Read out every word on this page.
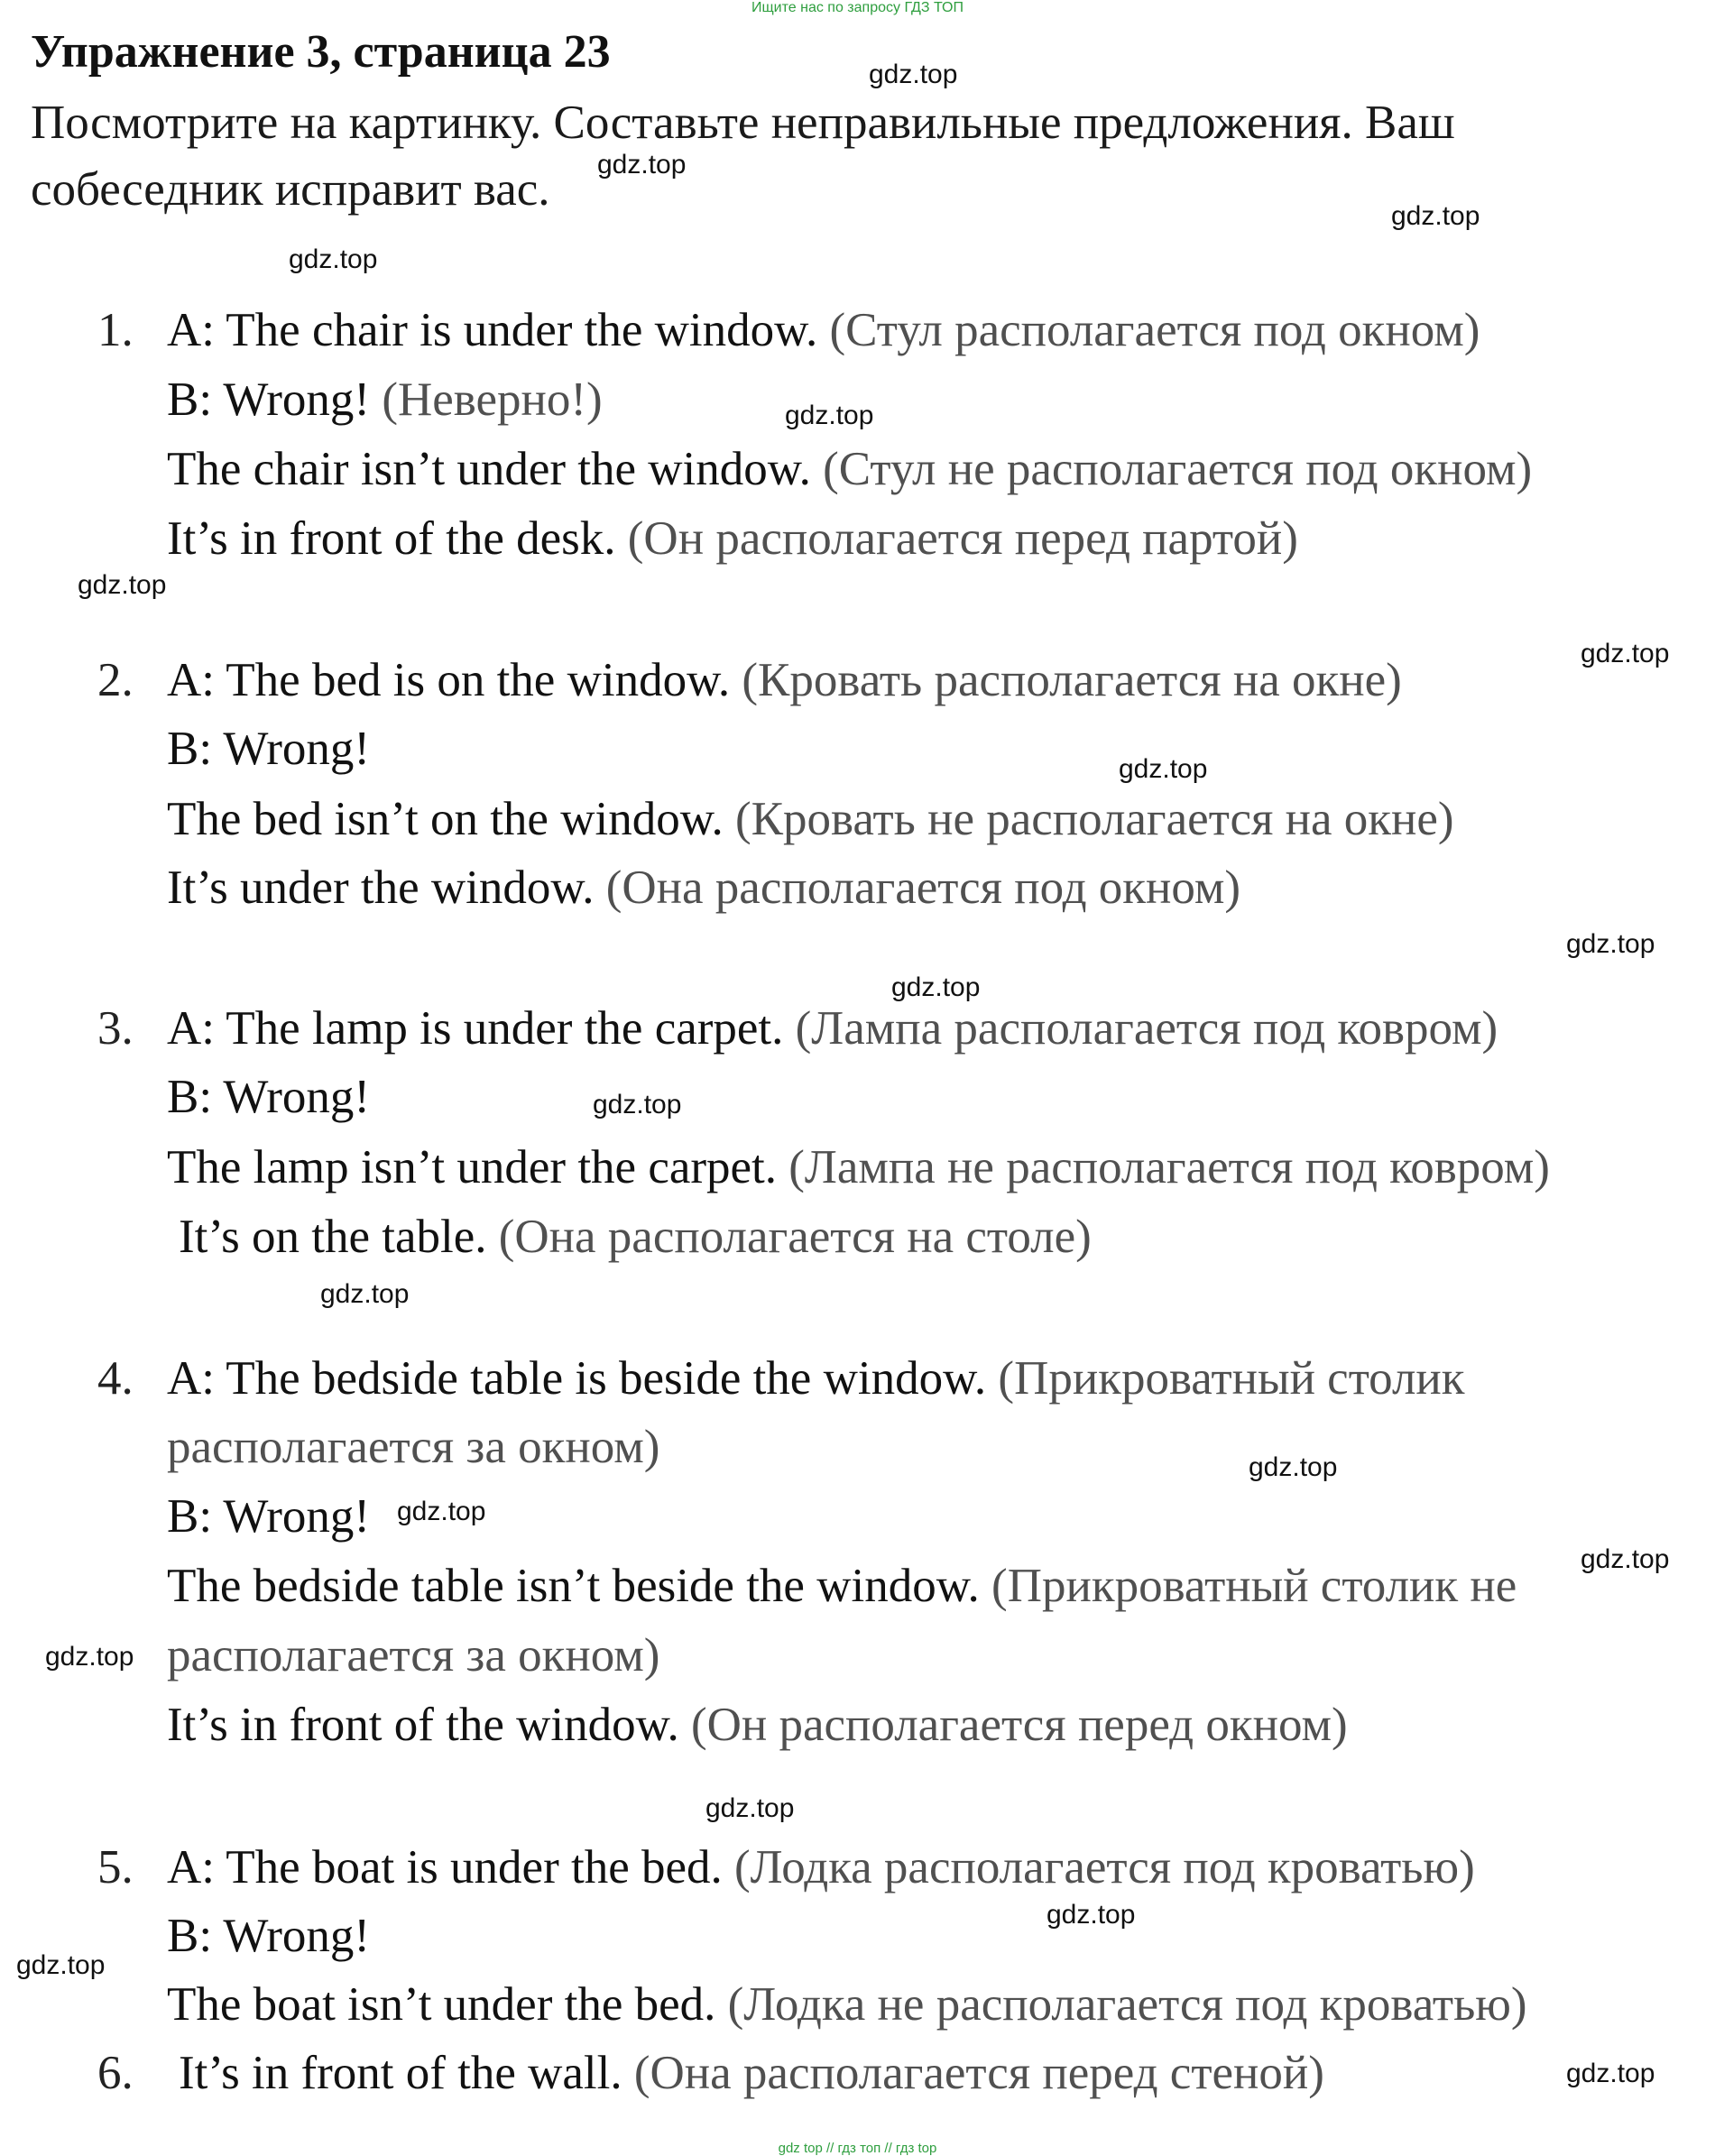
Ищите нас по запросу ГДЗ ТОП
Упражнение 3, страница 23
Посмотрите на картинку. Составьте неправильные предложения. Ваш
собеседник исправит вас.
1. A: The chair is under the window. (Стул располагается под окном)
B: Wrong! (Неверно!)
The chair isn’t under the window. (Стул не располагается под окном)
It’s in front of the desk. (Он располагается перед партой)
2. A: The bed is on the window. (Кровать располагается на окне)
B: Wrong!
The bed isn’t on the window. (Кровать не располагается на окне)
It’s under the window. (Она располагается под окном)
3. A: The lamp is under the carpet. (Лампа располагается под ковром)
B: Wrong!
The lamp isn’t under the carpet. (Лампа не располагается под ковром)
It’s on the table. (Она располагается на столе)
4. A: The bedside table is beside the window. (Прикроватный столик
располагается за окном)
B: Wrong!
The bedside table isn’t beside the window. (Прикроватный столик не
располагается за окном)
It’s in front of the window. (Он располагается перед окном)
5. A: The boat is under the bed. (Лодка располагается под кроватью)
B: Wrong!
The boat isn’t under the bed. (Лодка не располагается под кроватью)
6. It’s in front of the wall. (Она располагается перед стеной)
gdz.top
gdz.top
gdz.top
gdz.top
gdz.top
gdz.top
gdz.top
gdz.top
gdz.top
gdz.top
gdz.top
gdz.top
gdz.top
gdz.top
gdz.top
gdz.top
gdz.top
gdz.top
gdz.top
gdz.top
gdz top // гдз топ // гдз top
